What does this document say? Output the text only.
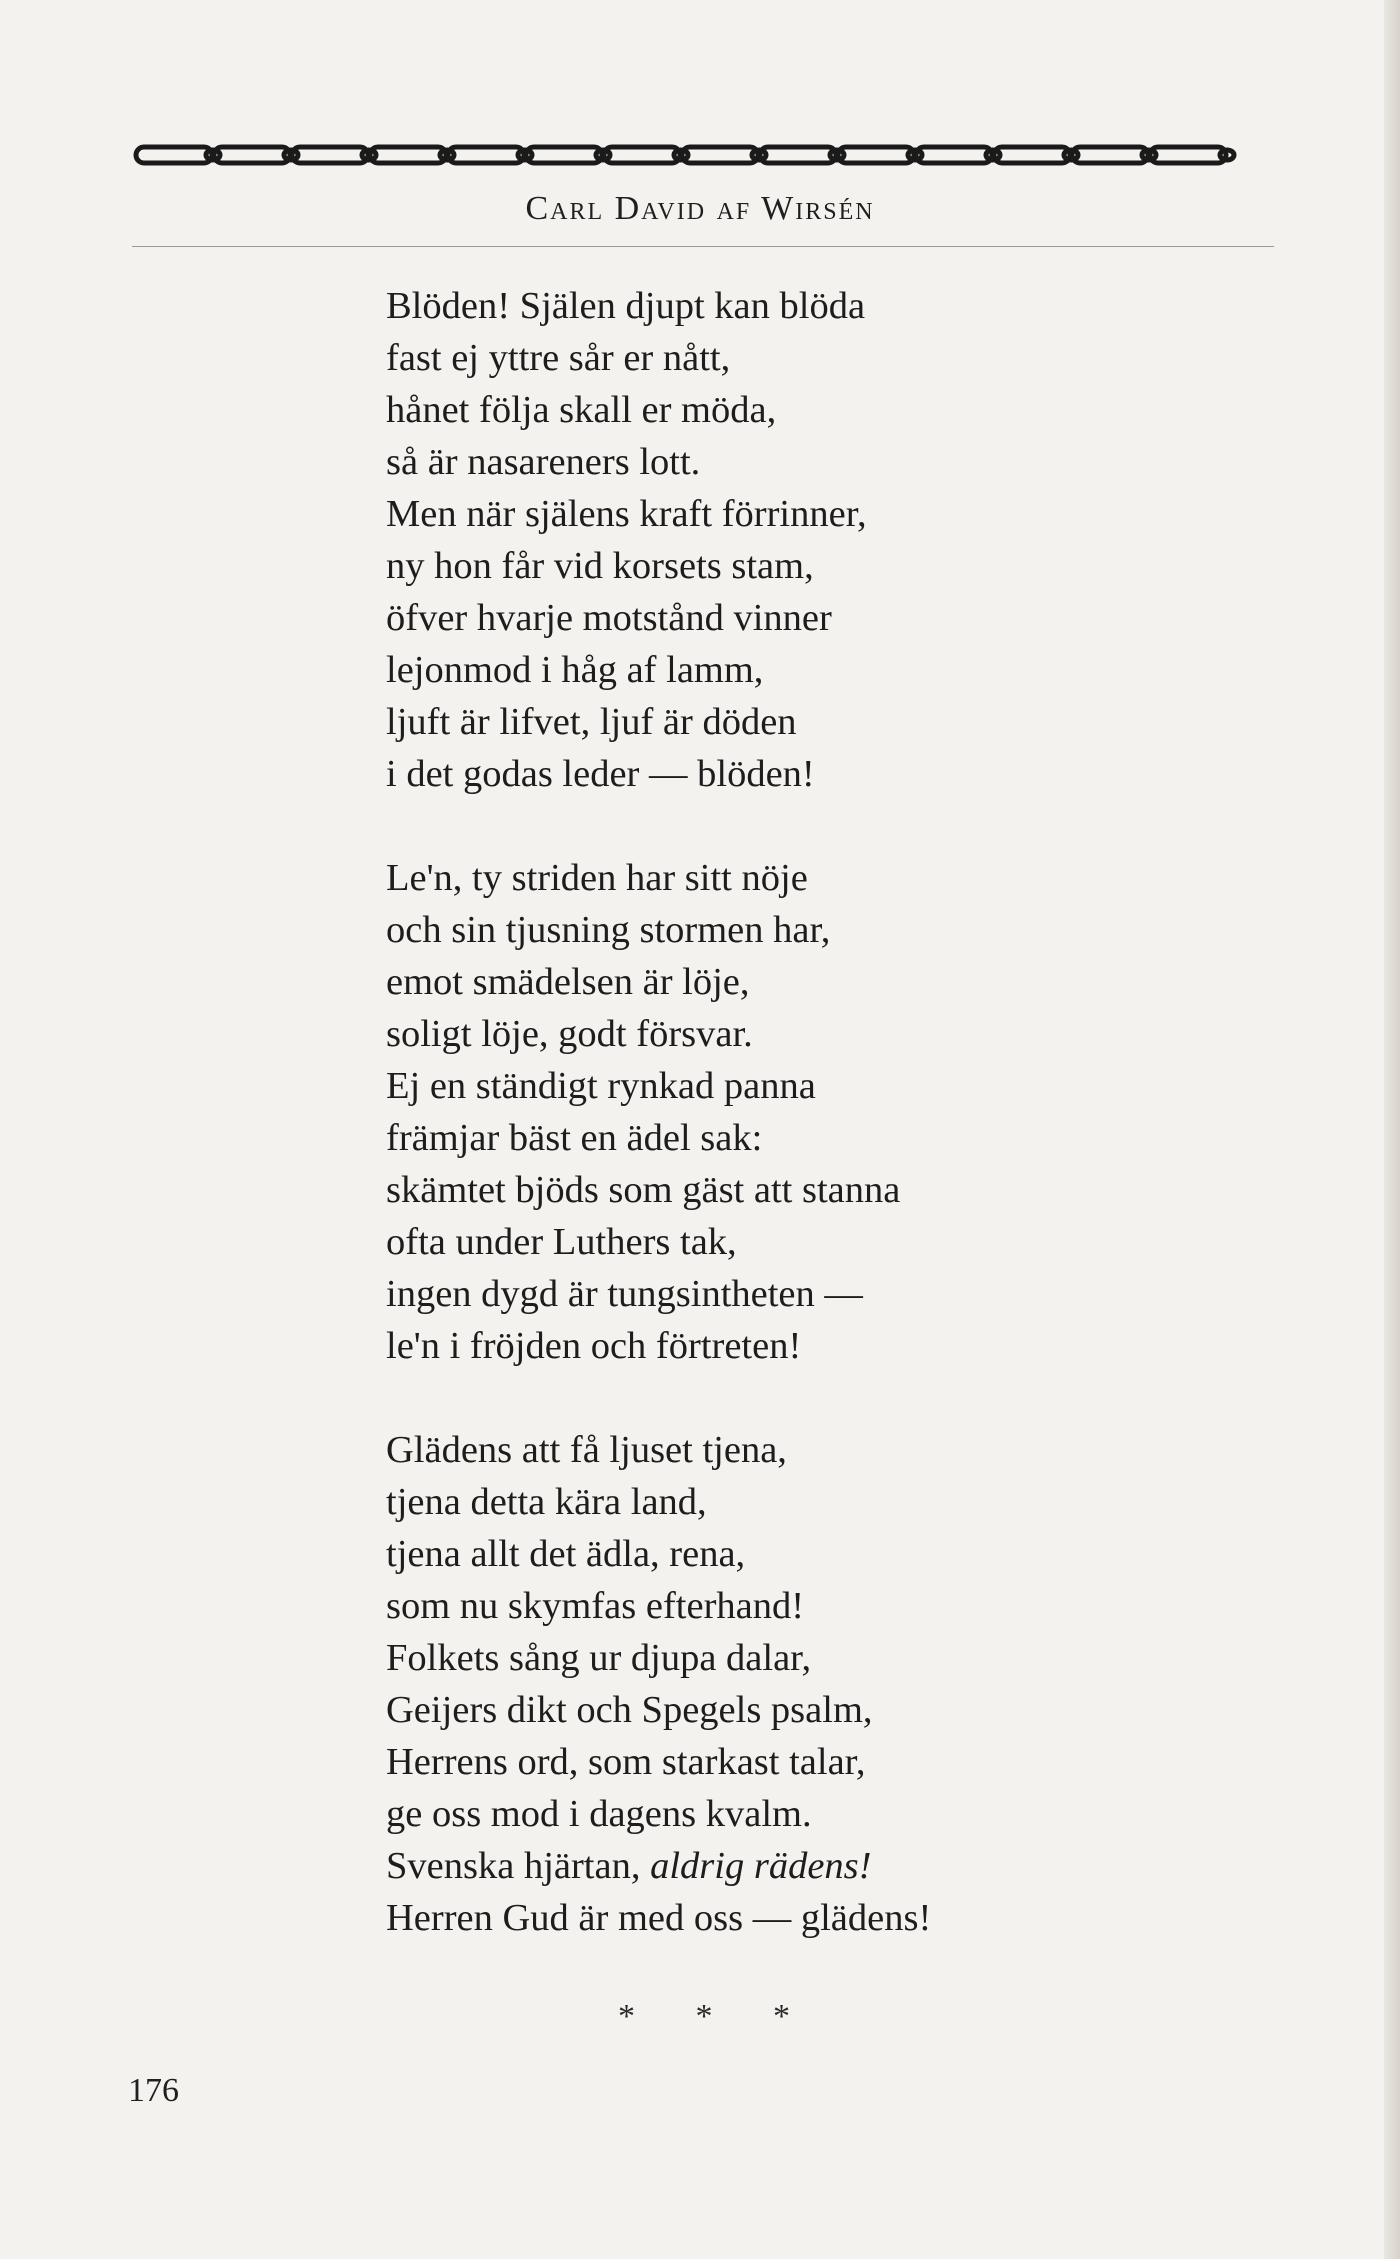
Carl David af Wirsén
Blöden! Själen djupt kan blöda
fast ej yttre sår er nått,
hånet följa skall er möda,
så är nasareners lott.
Men när själens kraft förrinner,
ny hon får vid korsets stam,
öfver hvarje motstånd vinner
lejonmod i håg af lamm,
ljuft är lifvet, ljuf är döden
i det godas leder — blöden!
Le'n, ty striden har sitt nöje
och sin tjusning stormen har,
emot smädelsen är löje,
soligt löje, godt försvar.
Ej en ständigt rynkad panna
främjar bäst en ädel sak:
skämtet bjöds som gäst att stanna
ofta under Luthers tak,
ingen dygd är tungsintheten —
le'n i fröjden och förtreten!
Glädens att få ljuset tjena,
tjena detta kära land,
tjena allt det ädla, rena,
som nu skymfas efterhand!
Folkets sång ur djupa dalar,
Geijers dikt och Spegels psalm,
Herrens ord, som starkast talar,
ge oss mod i dagens kvalm.
Svenska hjärtan, aldrig rädens!
Herren Gud är med oss — glädens!
* * *
176
